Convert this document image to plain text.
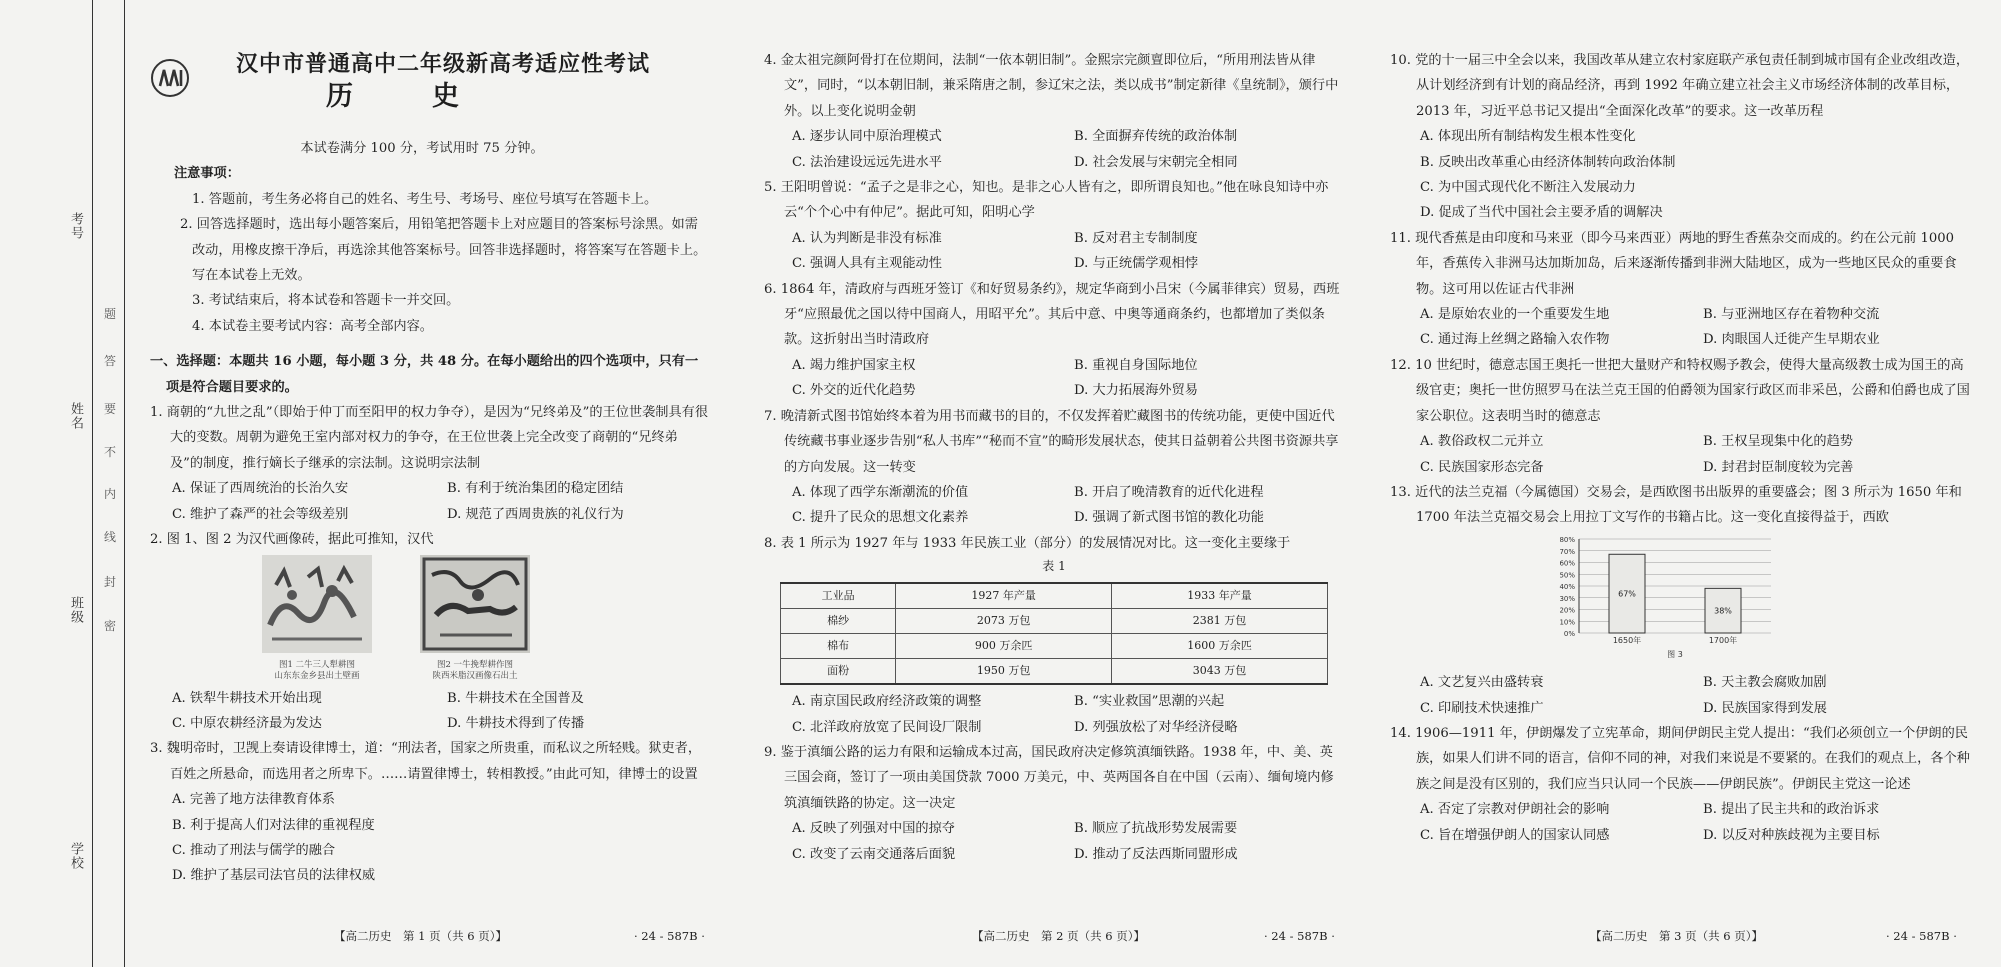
考号
姓名
班级
学校
题
答
要
不
内
线
封
密
汉中市普通高中二年级新高考适应性考试
历　史

本试卷满分 100 分，考试用时 75 分钟。

注意事项：

1. 答题前，考生务必将自己的姓名、考生号、考场号、座位号填写在答题卡上。

2. 回答选择题时，选出每小题答案后，用铅笔把答题卡上对应题目的答案标号涂黑。如需改动，用橡皮擦干净后，再选涂其他答案标号。回答非选择题时，将答案写在答题卡上。写在本试卷上无效。

3. 考试结束后，将本试卷和答题卡一并交回。

4. 本试卷主要考试内容：高考全部内容。

一、选择题：本题共 16 小题，每小题 3 分，共 48 分。在每小题给出的四个选项中，只有一项是符合题目要求的。

1. 商朝的“九世之乱”（即始于仲丁而至阳甲的权力争夺），是因为“兄终弟及”的王位世袭制具有很大的变数。周朝为避免王室内部对权力的争夺，在王位世袭上完全改变了商朝的“兄终弟及”的制度，推行嫡长子继承的宗法制。这说明宗法制

A. 保证了西周统治的长治久安	B. 有利于统治集团的稳定团结
C. 维护了森严的社会等级差别	D. 规范了西周贵族的礼仪行为

2. 图 1、图 2 为汉代画像砖，据此可推知，汉代

图1 二牛三人犁耕图
山东东金乡县出土壁画
图2 一牛挽犁耕作图
陕西米脂汉画像石出土
A. 铁犁牛耕技术开始出现	B. 牛耕技术在全国普及
C. 中原农耕经济最为发达	D. 牛耕技术得到了传播

3. 魏明帝时，卫觊上奏请设律博士，道：“刑法者，国家之所贵重，而私议之所轻贱。狱吏者，百姓之所悬命，而选用者之所卑下。……请置律博士，转相教授。”由此可知，律博士的设置

A. 完善了地方法律教育体系

B. 利于提高人们对法律的重视程度

C. 推动了刑法与儒学的融合

D. 维护了基层司法官员的法律权威

【高二历史　第 1 页（共 6 页）】	· 24 - 587B ·

4. 金太祖完颜阿骨打在位期间，法制“一依本朝旧制”。金熙宗完颜亶即位后，“所用刑法皆从律文”，同时，“以本朝旧制，兼采隋唐之制，参辽宋之法，类以成书”制定新律《皇统制》，颁行中外。以上变化说明金朝

A. 逐步认同中原治理模式	B. 全面摒弃传统的政治体制
C. 法治建设远远先进水平	D. 社会发展与宋朝完全相同

5. 王阳明曾说：“孟子之是非之心，知也。是非之心人皆有之，即所谓良知也。”他在咏良知诗中亦云“个个心中有仲尼”。据此可知，阳明心学

A. 认为判断是非没有标准	B. 反对君主专制制度
C. 强调人具有主观能动性	D. 与正统儒学观相悖

6. 1864 年，清政府与西班牙签订《和好贸易条约》，规定华商到小吕宋（今属菲律宾）贸易，西班牙“应照最优之国以待中国商人，用昭平允”。其后中意、中奥等通商条约，也都增加了类似条款。这折射出当时清政府

A. 竭力维护国家主权	B. 重视自身国际地位
C. 外交的近代化趋势	D. 大力拓展海外贸易

7. 晚清新式图书馆始终本着为用书而藏书的目的，不仅发挥着贮藏图书的传统功能，更使中国近代传统藏书事业逐步告别“私人书库”“秘而不宣”的畸形发展状态，使其日益朝着公共图书资源共享的方向发展。这一转变

A. 体现了西学东渐潮流的价值	B. 开启了晚清教育的近代化进程
C. 提升了民众的思想文化素养	D. 强调了新式图书馆的教化功能

8. 表 1 所示为 1927 年与 1933 年民族工业（部分）的发展情况对比。这一变化主要缘于

表 1

工业品	1927 年产量	1933 年产量
棉纱	2073 万包	2381 万包
棉布	900 万余匹	1600 万余匹
面粉	1950 万包	3043 万包
A. 南京国民政府经济政策的调整	B. “实业救国”思潮的兴起
C. 北洋政府放宽了民间设厂限制	D. 列强放松了对华经济侵略

9. 鉴于滇缅公路的运力有限和运输成本过高，国民政府决定修筑滇缅铁路。1938 年，中、美、英三国会商，签订了一项由美国贷款 7000 万美元，中、英两国各自在中国（云南）、缅甸境内修筑滇缅铁路的协定。这一决定

A. 反映了列强对中国的掠夺	B. 顺应了抗战形势发展需要
C. 改变了云南交通落后面貌	D. 推动了反法西斯同盟形成
【高二历史　第 2 页（共 6 页）】	· 24 - 587B ·

10. 党的十一届三中全会以来，我国改革从建立农村家庭联产承包责任制到城市国有企业改组改造，从计划经济到有计划的商品经济，再到 1992 年确立建立社会主义市场经济体制的改革目标，2013 年，习近平总书记又提出“全面深化改革”的要求。这一改革历程

A. 体现出所有制结构发生根本性变化

B. 反映出改革重心由经济体制转向政治体制

C. 为中国式现代化不断注入发展动力

D. 促成了当代中国社会主要矛盾的调解决

11. 现代香蕉是由印度和马来亚（即今马来西亚）两地的野生香蕉杂交而成的。约在公元前 1000 年，香蕉传入非洲马达加斯加岛，后来逐渐传播到非洲大陆地区，成为一些地区民众的重要食物。这可用以佐证古代非洲

A. 是原始农业的一个重要发生地	B. 与亚洲地区存在着物种交流
C. 通过海上丝绸之路输入农作物	D. 肉眼国人迁徙产生早期农业

12. 10 世纪时，德意志国王奥托一世把大量财产和特权赐予教会，使得大量高级教士成为国王的高级官吏；奥托一世仿照罗马在法兰克王国的伯爵领为国家行政区而非采邑，公爵和伯爵也成了国家公职位。这表明当时的德意志

A. 教俗政权二元并立	B. 王权呈现集中化的趋势
C. 民族国家形态完备	D. 封君封臣制度较为完善

13. 近代的法兰克福（今属德国）交易会，是西欧图书出版界的重要盛会；图 3 所示为 1650 年和 1700 年法兰克福交易会上用拉丁文写作的书籍占比。这一变化直接得益于，西欧

0%
10%
20%
30%
40%
50%
60%
70%
80%
67%
1650年
38%
1700年
图 3
A. 文艺复兴由盛转衰	B. 天主教会腐败加剧
C. 印刷技术快速推广	D. 民族国家得到发展

14. 1906—1911 年，伊朗爆发了立宪革命，期间伊朗民主党人提出：“我们必须创立一个伊朗的民族，如果人们讲不同的语言，信仰不同的神，对我们来说是不要紧的。在我们的观点上，各个种族之间是没有区别的，我们应当只认同一个民族——伊朗民族”。伊朗民主党这一论述

A. 否定了宗教对伊朗社会的影响	B. 提出了民主共和的政治诉求
C. 旨在增强伊朗人的国家认同感	D. 以反对种族歧视为主要目标
【高二历史　第 3 页（共 6 页）】	· 24 - 587B ·
